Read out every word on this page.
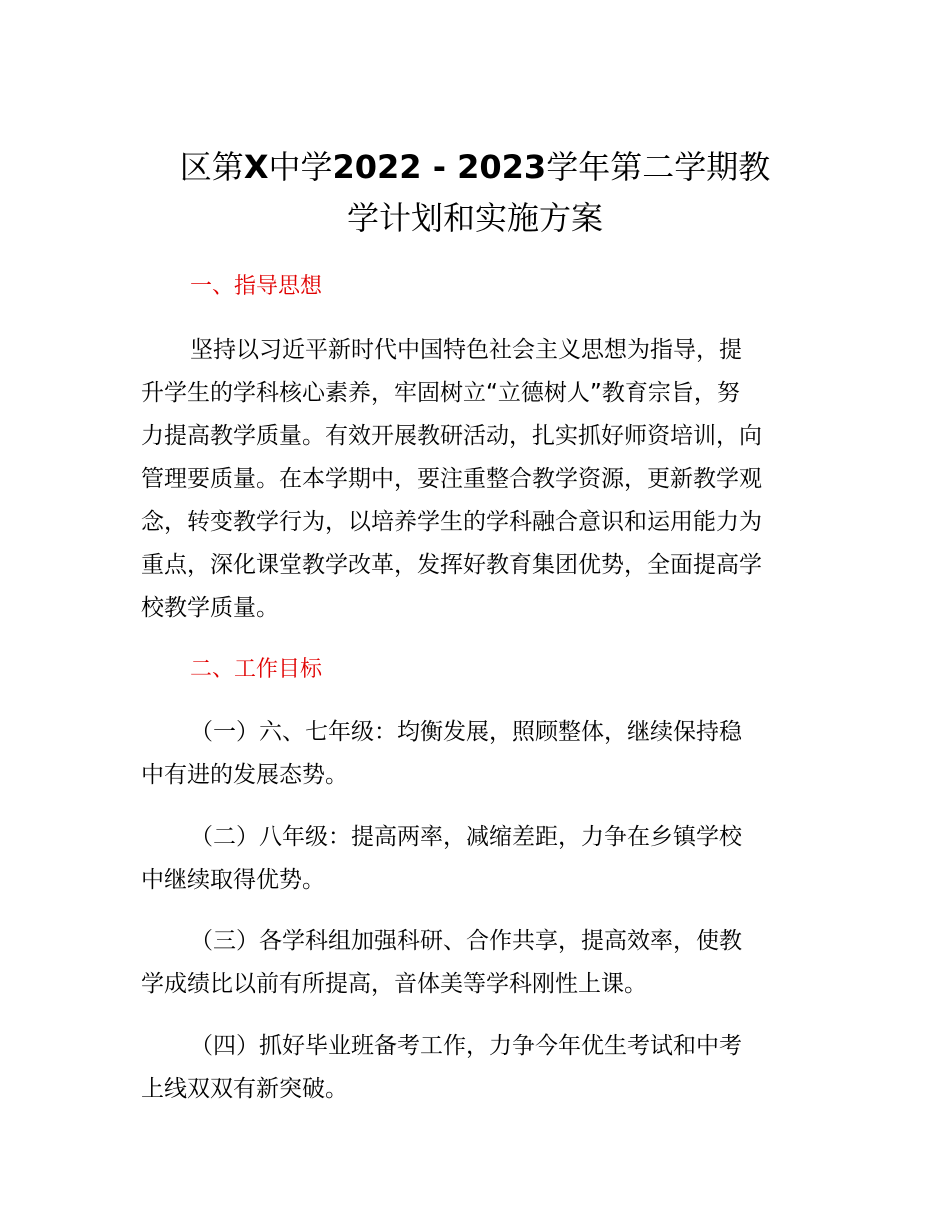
区第X中学2022 - 2023学年第二学期教
学计划和实施方案
一、指导思想
坚持以习近平新时代中国特色社会主义思想为指导，提
升学生的学科核心素养，牢固树立“立德树人”教育宗旨，努
力提高教学质量。有效开展教研活动，扎实抓好师资培训，向
管理要质量。在本学期中，要注重整合教学资源，更新教学观
念，转变教学行为，以培养学生的学科融合意识和运用能力为
重点，深化课堂教学改革，发挥好教育集团优势，全面提高学
校教学质量。
二、工作目标
（一）六、七年级：均衡发展，照顾整体，继续保持稳
中有进的发展态势。
（二）八年级：提高两率，减缩差距，力争在乡镇学校
中继续取得优势。
（三）各学科组加强科研、合作共享，提高效率，使教
学成绩比以前有所提高，音体美等学科刚性上课。
（四）抓好毕业班备考工作，力争今年优生考试和中考
上线双双有新突破。
